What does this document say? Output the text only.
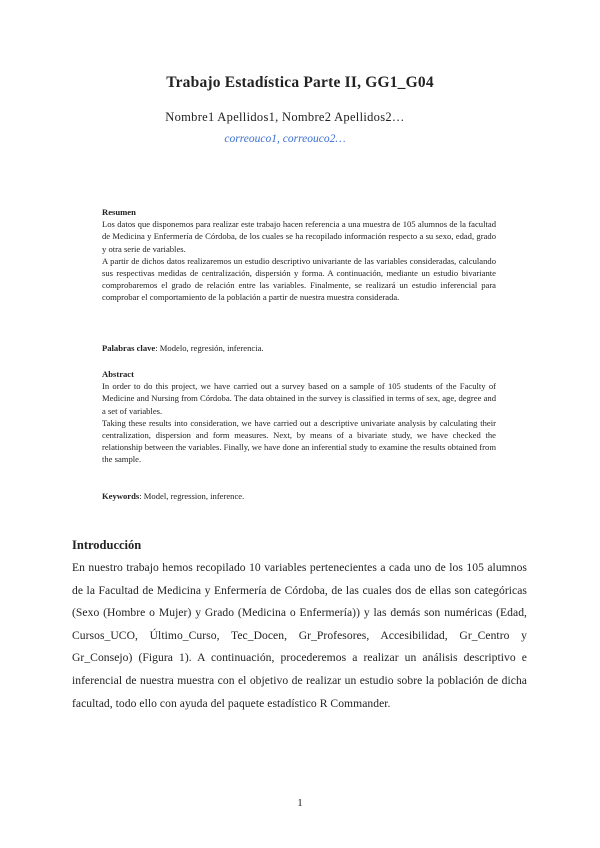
Trabajo Estadística Parte II, GG1_G04
Nombre1 Apellidos1, Nombre2 Apellidos2…
correouco1, correouco2…
Resumen

Los datos que disponemos para realizar este trabajo hacen referencia a una muestra de 105 alumnos de la facultad de Medicina y Enfermería de Córdoba, de los cuales se ha recopilado información respecto a su sexo, edad, grado y otra serie de variables.

A partir de dichos datos realizaremos un estudio descriptivo univariante de las variables consideradas, calculando sus respectivas medidas de centralización, dispersión y forma. A continuación, mediante un estudio bivariante comprobaremos el grado de relación entre las variables. Finalmente, se realizará un estudio inferencial para comprobar el comportamiento de la población a partir de nuestra muestra considerada.

Palabras clave: Modelo, regresión, inferencia.
Abstract

In order to do this project, we have carried out a survey based on a sample of 105 students of the Faculty of Medicine and Nursing from Córdoba. The data obtained in the survey is classified in terms of sex, age, degree and a set of variables.

Taking these results into consideration, we have carried out a descriptive univariate analysis by calculating their centralization, dispersion and form measures. Next, by means of a bivariate study, we have checked the relationship between the variables. Finally, we have done an inferential study to examine the results obtained from the sample.

Keywords: Model, regression, inference.
Introducción
En nuestro trabajo hemos recopilado 10 variables pertenecientes a cada uno de los 105 alumnos de la Facultad de Medicina y Enfermería de Córdoba, de las cuales dos de ellas son categóricas (Sexo (Hombre o Mujer) y Grado (Medicina o Enfermería)) y las demás son numéricas (Edad, Cursos_UCO, Último_Curso, Tec_Docen, Gr_Profesores, Accesibilidad, Gr_Centro y Gr_Consejo) (Figura 1). A continuación, procederemos a realizar un análisis descriptivo e inferencial de nuestra muestra con el objetivo de realizar un estudio sobre la población de dicha facultad, todo ello con ayuda del paquete estadístico R Commander.
1
